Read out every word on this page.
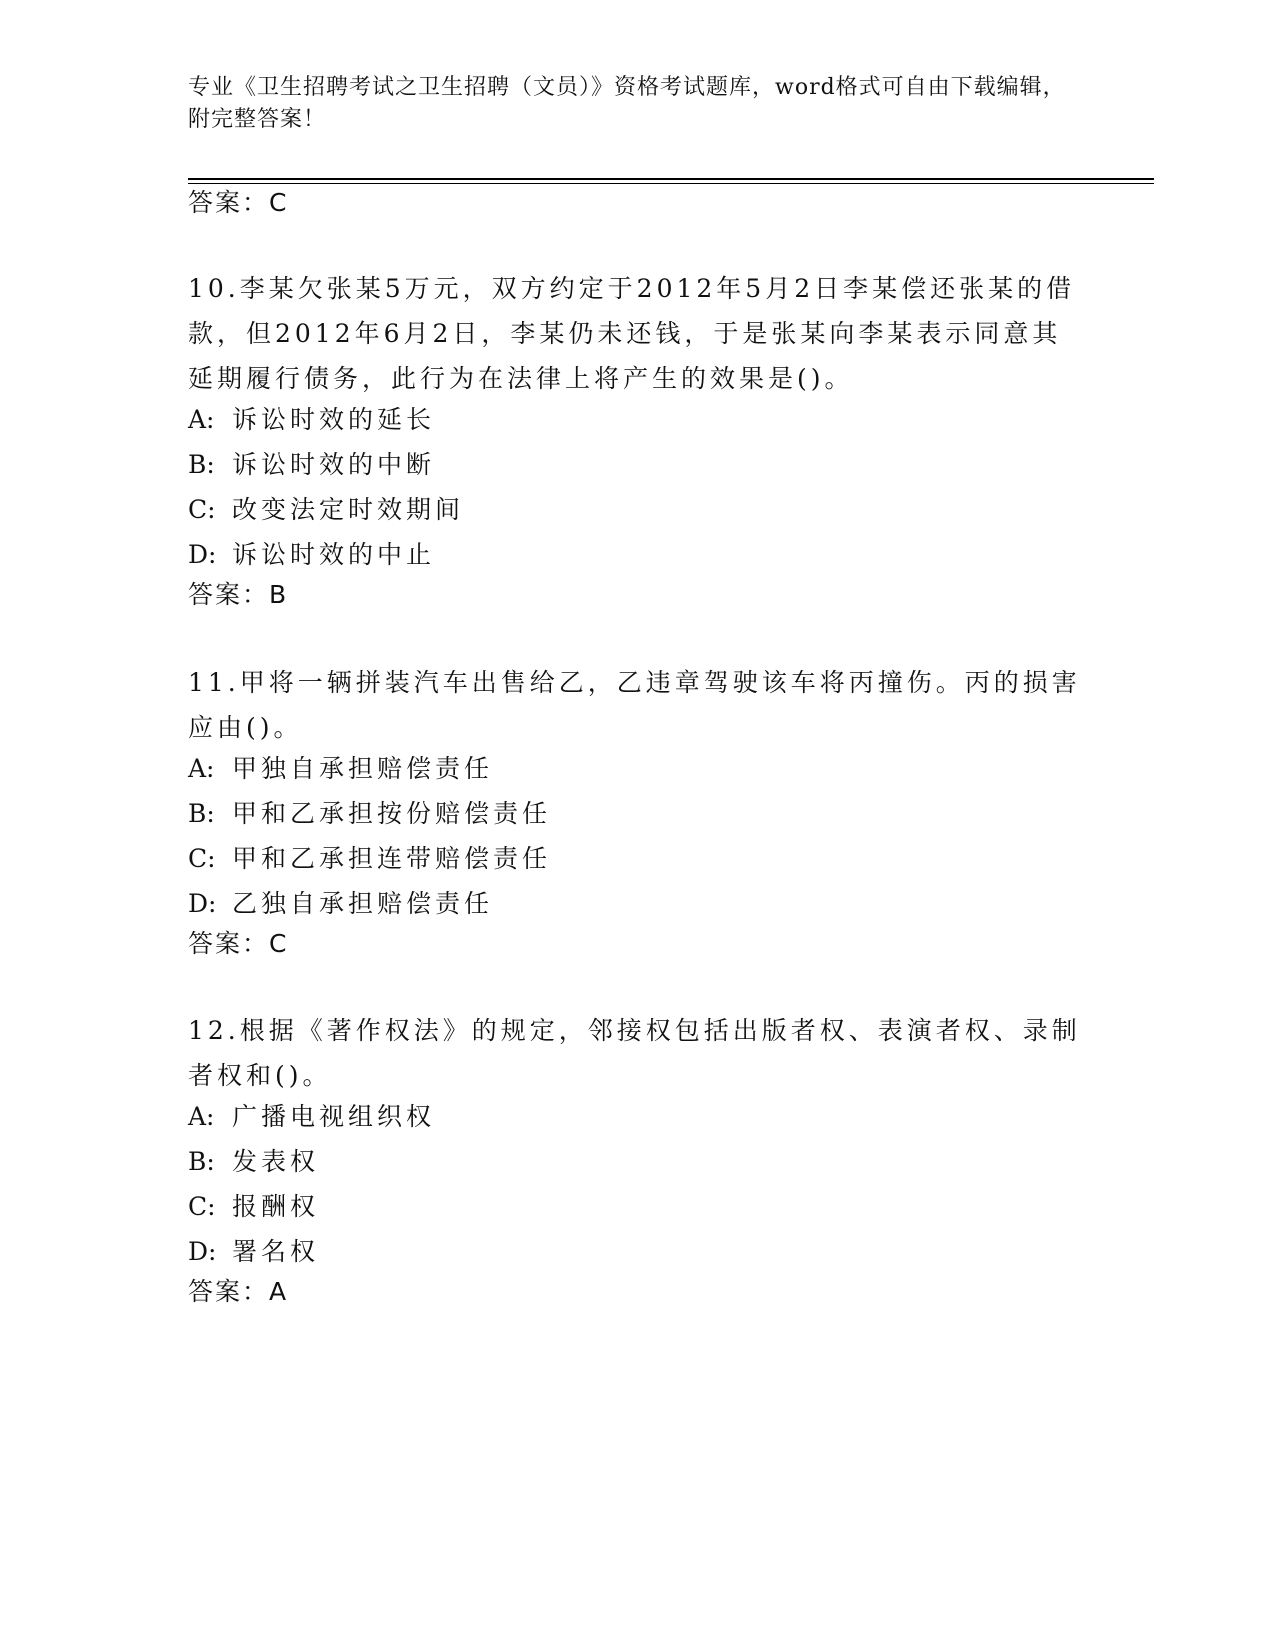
专业《卫生招聘考试之卫生招聘（文员）》资格考试题库，word格式可自由下载编辑，附完整答案！
答案：C

10.李某欠张某5万元，双方约定于2012年5月2日李某偿还张某的借款，但2012年6月2日，李某仍未还钱，于是张某向李某表示同意其延期履行债务，此行为在法律上将产生的效果是()。

A: 诉讼时效的延长
B: 诉讼时效的中断
C: 改变法定时效期间
D: 诉讼时效的中止
答案：B

11.甲将一辆拼装汽车出售给乙，乙违章驾驶该车将丙撞伤。丙的损害应由()。

A: 甲独自承担赔偿责任
B: 甲和乙承担按份赔偿责任
C: 甲和乙承担连带赔偿责任
D: 乙独自承担赔偿责任
答案：C

12.根据《著作权法》的规定，邻接权包括出版者权、表演者权、录制者权和()。

A: 广播电视组织权
B: 发表权
C: 报酬权
D: 署名权
答案：A
